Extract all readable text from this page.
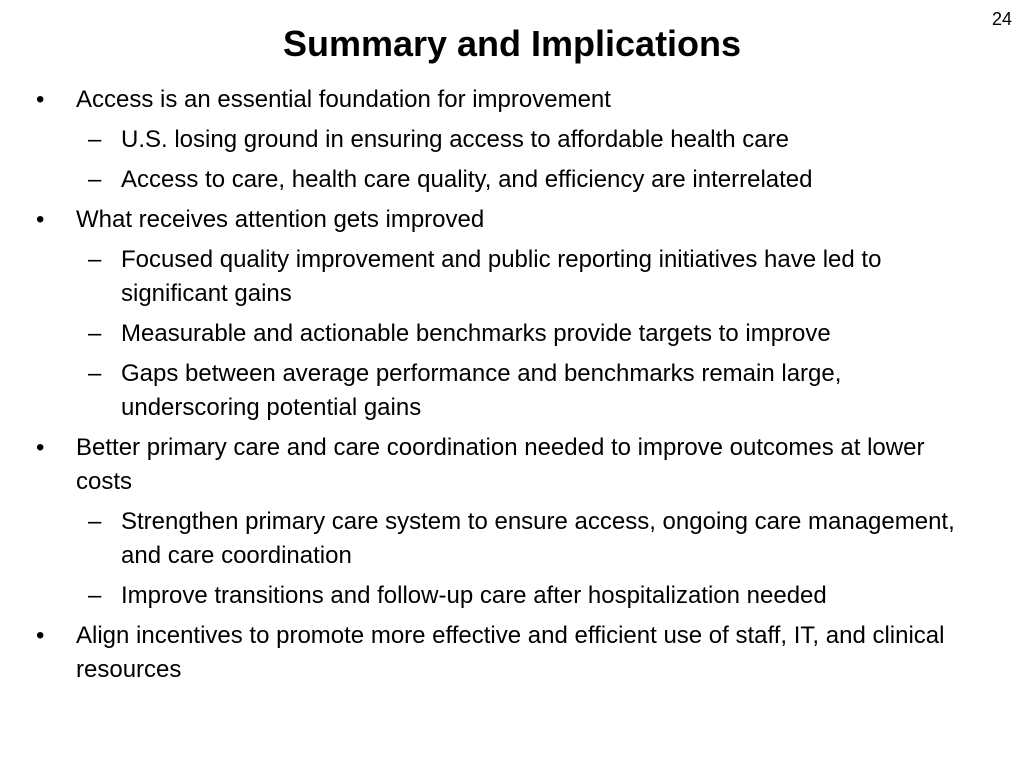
24
Summary and Implications
• Access is an essential foundation for improvement
– U.S. losing ground in ensuring access to affordable health care
– Access to care, health care quality, and efficiency are interrelated
• What receives attention gets improved
– Focused quality improvement and public reporting initiatives have led to significant gains
– Measurable and actionable benchmarks provide targets to improve
– Gaps between average performance and benchmarks remain large, underscoring potential gains
• Better primary care and care coordination needed to improve outcomes at lower costs
– Strengthen primary care system to ensure access, ongoing care management, and care coordination
– Improve transitions and follow-up care after hospitalization needed
• Align incentives to promote more effective and efficient use of staff, IT, and clinical resources
